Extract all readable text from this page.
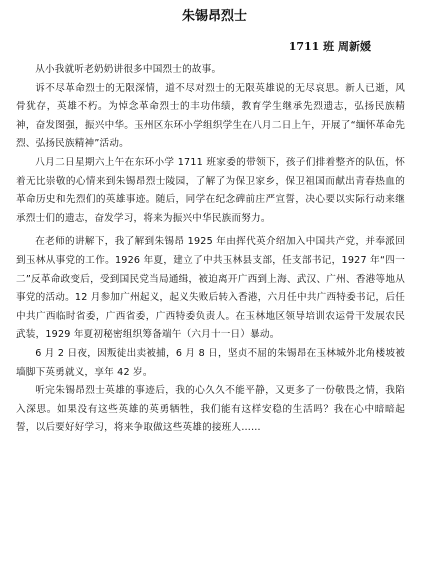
朱锡昂烈士
1711 班 周新媛

从小我就听老奶奶讲很多中国烈士的故事。

诉不尽革命烈士的无限深情，道不尽对烈士的无限英雄说的无尽哀思。新人已逝，风骨犹存，英雄不朽。为悼念革命烈士的丰功伟绩，教育学生继承先烈遗志，弘扬民族精神，奋发图强，振兴中华。玉州区东环小学组织学生在八月二日上午，开展了“缅怀革命先烈、弘扬民族精神”活动。

八月二日星期六上午在东环小学 1711 班家委的带领下，孩子们排着整齐的队伍，怀着无比崇敬的心情来到朱锡昂烈士陵园，了解了为保卫家乡，保卫祖国而献出青春热血的革命历史和先烈们的英雄事迹。随后，同学在纪念碑前庄严宣誓，决心要以实际行动来继承烈士们的遗志，奋发学习，将来为振兴中华民族而努力。

在老师的讲解下，我了解到朱锡昂 1925 年由挥代英介绍加入中国共产党，并奉派回到玉林从事党的工作。1926 年夏，建立了中共玉林县支部，任支部书记，1927 年“四一二”反革命政变后，受到国民党当局通缉，被迫离开广西到上海、武汉、广州、香港等地从事党的活动。12 月参加广州起义，起义失败后转入香港，六月任中共广西特委书记，后任中共广西临时省委，广西省委，广西特委负责人。在玉林地区领导培训农运骨干发展农民武装，1929 年夏初秘密组织筹备端午（六月十一日）暴动。

6 月 2 日夜，因叛徒出卖被捕，6 月 8 日，坚贞不屈的朱锡昂在玉林城外北角楼坡被墙脚下英勇就义，享年 42 岁。

听完朱锡昂烈士英雄的事迹后，我的心久久不能平静，又更多了一份敬畏之情，我陷入深思。如果没有这些英雄的英勇牺牲，我们能有这样安稳的生活吗？我在心中暗暗起誓，以后要好好学习，将来争取做这些英雄的接班人……
